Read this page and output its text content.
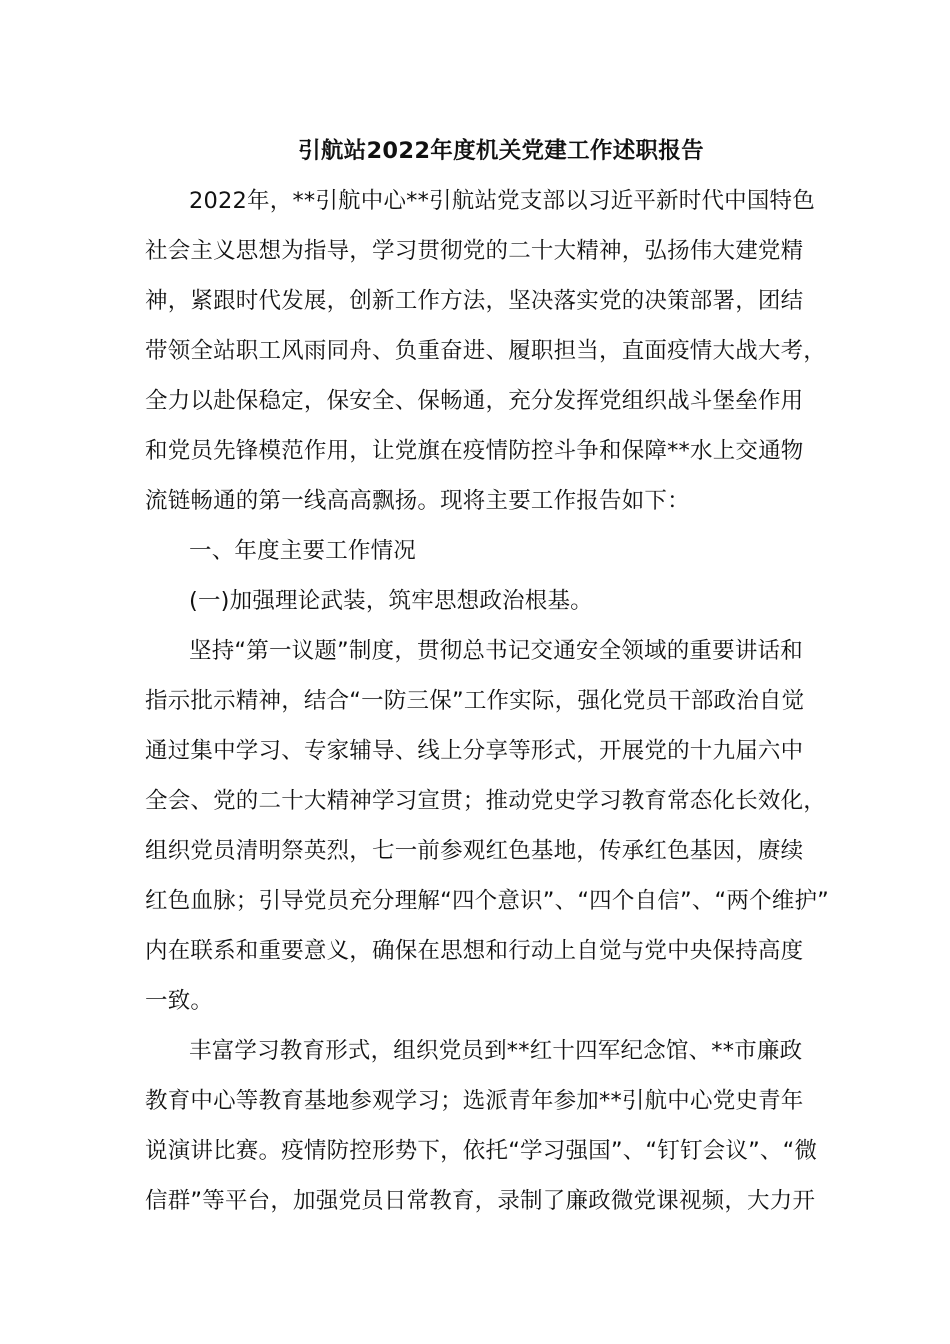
引航站2022年度机关党建工作述职报告
2022年，**引航中心**引航站党支部以习近平新时代中国特色
社会主义思想为指导，学习贯彻党的二十大精神，弘扬伟大建党精
神，紧跟时代发展，创新工作方法，坚决落实党的决策部署，团结
带领全站职工风雨同舟、负重奋进、履职担当，直面疫情大战大考，
全力以赴保稳定，保安全、保畅通，充分发挥党组织战斗堡垒作用
和党员先锋模范作用，让党旗在疫情防控斗争和保障**水上交通物
流链畅通的第一线高高飘扬。现将主要工作报告如下：
一、年度主要工作情况
(一)加强理论武装，筑牢思想政治根基。
坚持“第一议题”制度，贯彻总书记交通安全领域的重要讲话和
指示批示精神，结合“一防三保”工作实际，强化党员干部政治自觉
通过集中学习、专家辅导、线上分享等形式，开展党的十九届六中
全会、党的二十大精神学习宣贯；推动党史学习教育常态化长效化，
组织党员清明祭英烈，七一前参观红色基地，传承红色基因，赓续
红色血脉；引导党员充分理解“四个意识”、“四个自信”、“两个维护”
内在联系和重要意义，确保在思想和行动上自觉与党中央保持高度
一致。
丰富学习教育形式，组织党员到**红十四军纪念馆、**市廉政
教育中心等教育基地参观学习；选派青年参加**引航中心党史青年
说演讲比赛。疫情防控形势下，依托“学习强国”、“钉钉会议”、“微
信群”等平台，加强党员日常教育，录制了廉政微党课视频，大力开
